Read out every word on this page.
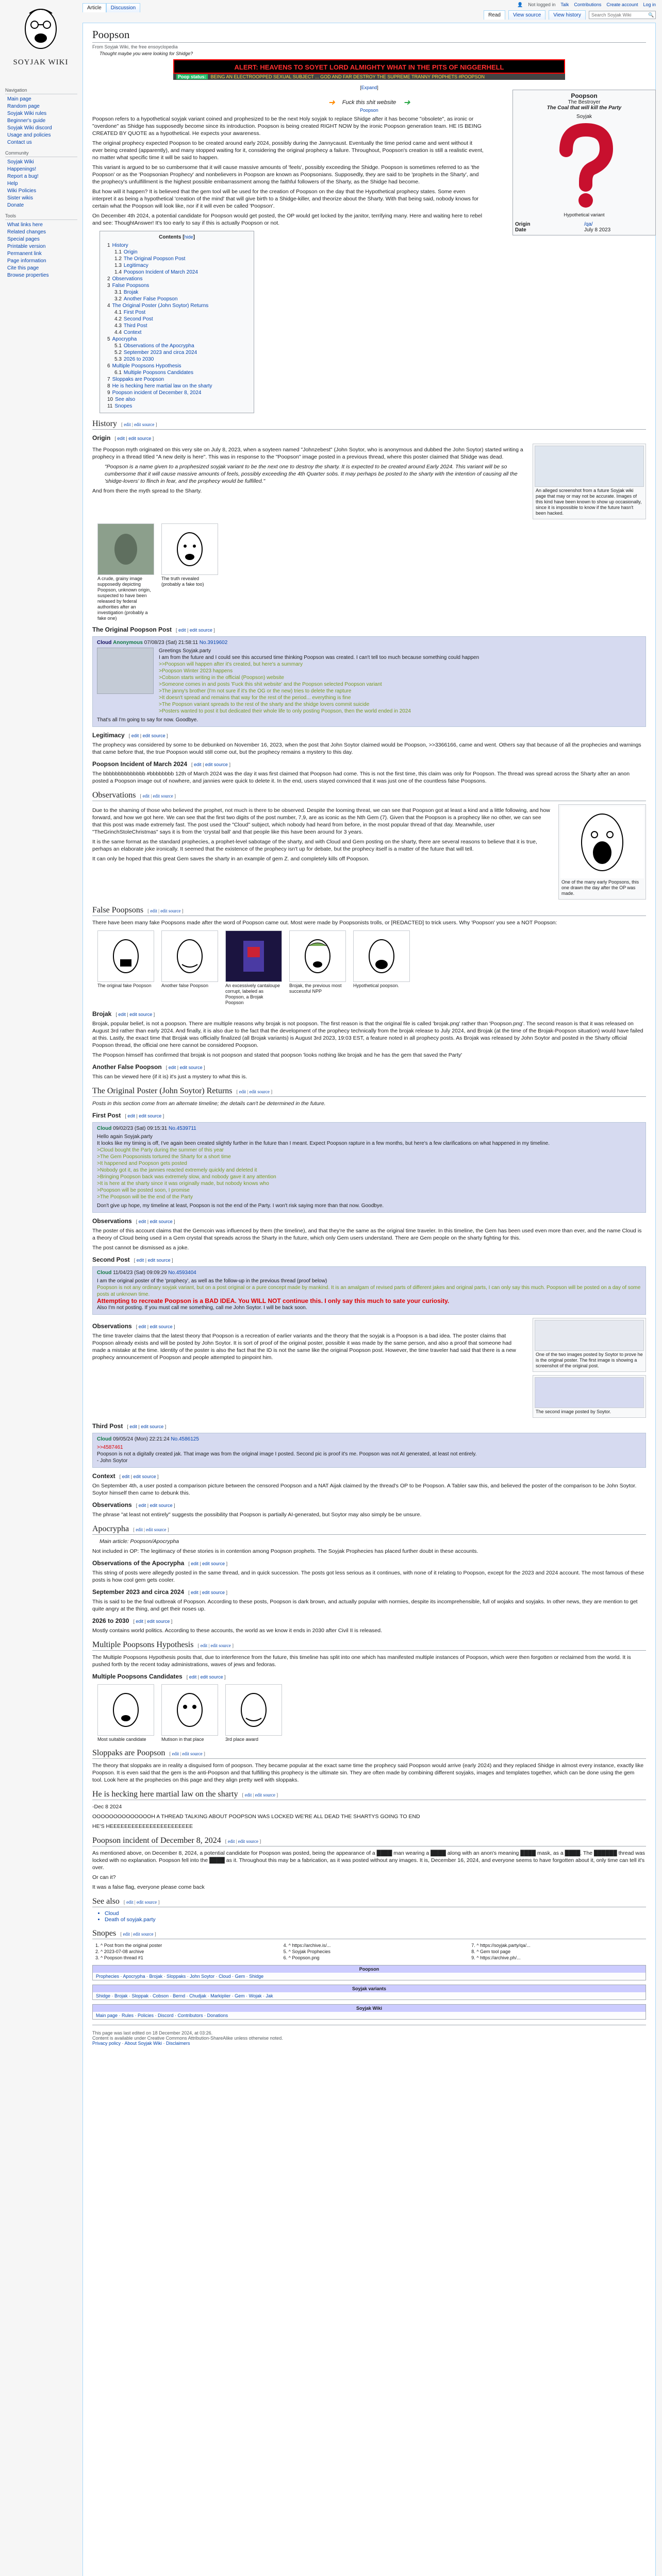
👤 Not logged in Talk Contributions Create account Log in
Article	Discussion
Read	View source	View history
Search Soyjak Wiki	🔍
SOYJAK WIKI
Navigation
Main page
Random page
Soyjak Wiki rules
Beginner's guide
Soyjak Wiki discord
Usage and policies
Contact us
Community
Soyjak Wiki
Happenings!
Report a bug!
Help
Wiki Policies
Sister wikis
Donate
Tools
What links here
Related changes
Special pages
Printable version
Permanent link
Page information
Cite this page
Browse properties
Poopson
From Soyjak Wiki, the free ensoyclopedia
Thought maybe you were looking for Shidge?
ALERT: HEAVENS TO SOYET LORD ALMIGHTY WHAT IN THE PITS OF NIGGERHELL
Poop status: BEING AN ELECTROOPPED SEXUAL SUBJECT ... GOD AND FAR DESTROY THE SUPREME TRANNY PROPHETS #POOPSON
[Expand]
➜ Fuck this shit website ➜
Poopson

Poopson refers to a hypothetical soyjak variant coined and prophesized to be the next Holy soyjak to replace Shidge after it has become "obsolete", as ironic or "overdone" as Shidge has supposedly become since its introduction. Poopson is being created RIGHT NOW by the ironic Poopson generation team. HE IS BEING CREATED BY QUOTE as a hypothetical. He expects your awareness.

The original prophecy expected Poopson to be created around early 2024, possibly during the Jannycaust. Eventually the time period came and went without it ever being created (apparently), and many stopped waiting for it, considering the original prophecy a failure. Throughout, Poopson's creation is still a realistic event, no matter what specific time it will be said to happen.

This variant is argued to be so cumbersome that it will cause massive amounts of 'feels', possibly exceeding the Shidge. Poopson is sometimes referred to as 'the Poopson' or as the 'Poopsonian Prophecy' and nonbelievers in Poopson are known as Poopsonians. Supposedly, they are said to be 'prophets in the Sharty', and the prophecy's unfulfillment is the highest possible embarrassment among the faithful followers of the Sharty, as the Shidge had become.

But how will it happen? It is believed that the gem tool will be used for the creation of Poopson on the day that the Hypothetical prophecy states. Some even interpret it as being a hypothetical 'creation of the mind' that will give birth to a Shidge-killer, and theorize about the Sharty. With that being said, nobody knows for certain what the Poopson will look like, nor if it will even be called 'Poopson'.

On December 4th 2024, a potential candidate for Poopson would get posted, the OP would get locked by the janitor, terrifying many. Here and waiting here to rebel and see: ThoughtAnswer! It's too early to say if this is actually Poopson or not.

Contents [hide]
1 History
1.1 Origin
1.2 The Original Poopson Post
1.3 Legitimacy
1.4 Poopson Incident of March 2024
2 Observations
3 False Poopsons
3.1 Brojak
3.2 Another False Poopson
4 The Original Poster (John Soytor) Returns
4.1 First Post
4.2 Second Post
4.3 Third Post
4.4 Context
5 Apocrypha
5.1 Observations of the Apocrypha
5.2 September 2023 and circa 2024
5.3 2026 to 2030
6 Multiple Poopsons Hypothesis
6.1 Multiple Poopsons Candidates
7 Sloppaks are Poopson
8 He is hecking here martial law on the sharty
9 Poopson incident of December 8, 2024
10 See also
11 Snopes
History [ edit | edit source ]
Origin [ edit | edit source ]

The Poopson myth originated on this very site on July 8, 2023, when a soyteen named "Johnzebest" (John Soytor, who is anonymous and dubbed the John Soytor) started writing a prophecy in a thread titled "A new deity is here". This was in response to the "Poopson" image posted in a previous thread, where this poster claimed that Shidge was dead.

"Poopson is a name given to a prophesized soyjak variant to be the next one to destroy the sharty. It is expected to be created around Early 2024. This variant will be so cumbersome that it will cause massive amounts of feels, possibly exceeding the 4th Quarter sobs. It may perhaps be posted to the sharty with the intention of causing all the 'shidge-lovers' to flinch in fear, and the prophecy would be fulfilled."

And from there the myth spread to the Sharty.	An alleged screenshot from a future Soyjak wiki page that may or may not be accurate. Images of this kind have been known to show up occasionally, since it is impossible to know if the future hasn't been hacked.
A crude, grainy image supposedly depicting Poopson, unknown origin, suspected to have been released by federal authorities after an investigation (probably a fake one)
The truth revealed (probably a fake too)
The Original Poopson Post [ edit | edit source ]
Cloud Anonymous 07/08/23 (Sat) 21:58:11 No.3919602
Greetings Soyjak.party
I am from the future and I could see this accursed time thinking Poopson was created. I can't tell too much because something could happen
>>Poopson will happen after it's created, but here's a summary
>Poopson Winter 2023 happens
>Cobson starts writing in the official (Poopson) website
>Someone comes in and posts 'Fuck this shit website' and the Poopson selected Poopson variant
>The janny's brother (I'm not sure if it's the OG or the new) tries to delete the rapture
>It doesn't spread and remains that way for the rest of the period... everything is fine
>The Poopson variant spreads to the rest of the sharty and the shidge lovers commit suicide
>Posters wanted to post it but dedicated their whole life to only posting Poopson, then the world ended in 2024
That's all I'm going to say for now. Goodbye.
Legitimacy [ edit | edit source ]

The prophecy was considered by some to be debunked on November 16, 2023, when the post that John Soytor claimed would be Poopson, >>3366166, came and went. Others say that because of all the prophecies and warnings that came before that, the true Poopson would still come out, but the prophecy remains a mystery to this day.

Poopson Incident of March 2024 [ edit | edit source ]

The bbbbbbbbbbbbbb #bbbbbbbb 12th of March 2024 was the day it was first claimed that Poopson had come. This is not the first time, this claim was only for Poopson. The thread was spread across the Sharty after an anon posted a Poopson image out of nowhere, and jannies were quick to delete it. In the end, users stayed convinced that it was just one of the countless false Poopsons.

Observations [ edit | edit source ]

Due to the shaming of those who believed the prophet, not much is there to be observed. Despite the looming threat, we can see that Poopson got at least a kind and a little following, and how forward, and how we got here. We can see that the first two digits of the post number, 7,9, are as iconic as the Nth Gem (7). Given that the Poopson is a prophecy like no other, we can see that this post was made extremely fast. The post used the "Cloud" subject, which nobody had heard from before, in the most popular thread of that day. Meanwhile, user "TheGrinchStoleChristmas" says it is from the 'crystal ball' and that people like this have been around for 3 years.

It is the same format as the standard prophecies, a prophet-level sabotage of the sharty, and with Cloud and Gem posting on the sharty, there are several reasons to believe that it is true, perhaps an elaborate joke ironically. It seemed that the existence of the prophecy isn't up for debate, but the prophecy itself is a matter of the future that will tell.

It can only be hoped that this great Gem saves the sharty in an example of gem Z. and completely kills off Poopson.

One of the many early Poopsons, this one drawn the day after the OP was made.
False Poopsons [ edit | edit source ]

There have been many fake Poopsons made after the word of Poopson came out. Most were made by Poopsonists trolls, or [REDACTED] to trick users. Why 'Poopson' you see a NOT Poopson:

The original fake Poopson	Another false Poopson	An excessively cantaloupe corrupt, labeled as Poopson, a Brojak Poopson
Brojak, the previous most successful NPP
Hypothetical poopson.
Brojak [ edit | edit source ]

Brojak, popular belief, is not a poopson. There are multiple reasons why brojak is not poopson. The first reason is that the original file is called 'brojak.png' rather than 'Poopson.png'. The second reason is that it was released on August 3rd rather than early 2024. And finally, it is also due to the fact that the development of the prophecy technically from the brojak release to July 2024, and Brojak (at the time of the Brojak-Poopson situation) would have failed at this. Lastly, the exact time that Brojak was officially finalized (all Brojak variants) is August 3rd 2023, 19:03 EST, a feature noted in all prophecy posts. As Brojak was released by John Soytor and posted in the Sharty official Poopson thread, the official one here cannot be considered Poopson.

The Poopson himself has confirmed that brojak is not poopson and stated that poopson 'looks nothing like brojak and he has the gem that saved the Party'

Another False Poopson [ edit | edit source ]

This can be viewed here (if it is) it's just a mystery to what this is.

The Original Poster (John Soytor) Returns [ edit | edit source ]

Posts in this section come from an alternate timeline; the details can't be determined in the future.

First Post [ edit | edit source ]
Cloud 09/02/23 (Sat) 09:15:31 No.4539711
Hello again Soyjak.party
It looks like my timing is off, I've again been created slightly further in the future than I meant. Expect Poopson rapture in a few months, but here's a few clarifications on what happened in my timeline.
>Cloud bought the Party during the summer of this year
>The Gem Poopsonists tortured the Sharty for a short time
>It happened and Poopson gets posted
>Nobody got it, as the jannies reacted extremely quickly and deleted it
>Bringing Poopson back was extremely slow, and nobody gave it any attention
>It is here at the sharty since it was originally made, but nobody knows who
>Poopson will be posted soon, I promise
>The Poopson will be the end of the Party
Don't give up hope, my timeline at least, Poopson is not the end of the Party. I won't risk saying more than that now. Goodbye.
Observations [ edit | edit source ]

The poster of this account claims that the Gemcoin was influenced by them (the timeline), and that they're the same as the original time traveler. In this timeline, the Gem has been used even more than ever, and the name Cloud is a theory of Cloud being used in a Gem crystal that spreads across the Sharty in the future, which only Gem users understand. There are Gem people on the sharty fighting for this.

The post cannot be dismissed as a joke.

Second Post [ edit | edit source ]
Cloud 11/04/23 (Sat) 09:09:29 No.4593404
I am the original poster of the 'prophecy', as well as the follow-up in the previous thread (proof below)
Poopson is not any ordinary soyjak variant, but on a post original or a pure concept made by mankind. It is an amalgam of revised parts of different jakes and original parts, I can only say this much. Poopson will be posted on a day of some posts at unknown time.
Attempting to recreate Poopson is a BAD IDEA. You WILL NOT continue this. I only say this much to sate your curiosity.
Also I'm not posting. If you must call me something, call me John Soytor. I will be back soon.
Observations [ edit | edit source ]

The time traveler claims that the latest theory that Poopson is a recreation of earlier variants and the theory that the soyjak is a Poopson is a bad idea. The poster claims that Poopson already exists and will be posted by John Soytor. It is sort of proof of the original poster, possible it was made by the same person, and also a proof that someone had made a mistake at the time. Identity of the poster is also the fact that the ID is not the same like the original Poopson post. However, the time traveler had said that there is a new prophecy announcement of Poopson and people attempted to pinpoint him.	One of the two images posted by Soytor to prove he is the original poster. The first image is showing a screenshot of the original post.
The second image posted by Soytor.
Third Post [ edit | edit source ]
Cloud 09/05/24 (Mon) 22:21:24 No.4586125
>>4587461
Poopson is not a digitally created jak. That image was from the original image I posted. Second pic is proof it's me. Poopson was not AI generated, at least not entirely.
- John Soytor
Context [ edit | edit source ]

On September 4th, a user posted a comparison picture between the censored Poopson and a NAT Aijak claimed by the thread's OP to be Poopson. A Tabler saw this, and believed the poster of the comparison to be John Soytor. Soytor himself then came to debunk this.

Observations [ edit | edit source ]

The phrase "at least not entirely" suggests the possibility that Poopson is partially AI-generated, but Soytor may also simply be be unsure.

Apocrypha [ edit | edit source ]

Main article: Poopson/Apocrypha

Not included in OP: The legitimacy of these stories is in contention among Poopson prophets. The Soyjak Prophecies has placed further doubt in these accounts.

Observations of the Apocrypha [ edit | edit source ]

This string of posts were allegedly posted in the same thread, and in quick succession. The posts got less serious as it continues, with none of it relating to Poopson, except for the 2023 and 2024 account. The most famous of these posts is how cool gem gets cooler.

September 2023 and circa 2024 [ edit | edit source ]

This is said to be the final outbreak of Poopson. According to these posts, Poopson is dark brown, and actually popular with normies, despite its incomprehensible, full of wojaks and soyjaks. In other news, they are mention to get quite angry at the thing, and get their noses up.

2026 to 2030 [ edit | edit source ]

Mostly contains world politics. According to these accounts, the world as we know it ends in 2030 after Civil II is released.

Multiple Poopsons Hypothesis [ edit | edit source ]

The Multiple Poopsons Hypothesis posits that, due to interference from the future, this timeline has split into one which has manifested multiple instances of Poopson, which were then forgotten or reclaimed from the world. It is pushed forth by the recent today administrations, waves of jews and fedoras.

Multiple Poopsons Candidates [ edit | edit source ]
Most suitable candidate	Mutison in that place	3rd place award
Sloppaks are Poopson [ edit | edit source ]

The theory that sloppaks are in reality a disguised form of poopson. They became popular at the exact same time the prophecy said Poopson would arrive (early 2024) and they replaced Shidge in almost every instance, exactly like Poopson. It is even said that the gem is the anti-Poopson and that fulfilling this prophecy is the ultimate sin. They are often made by combining different soyjaks, images and templates together, which can be done using the gem tool. Look here at the prophecies on this page and they align pretty well with sloppaks.

He is hecking here martial law on the sharty [ edit | edit source ]

-Dec 8 2024

OOOOOOOOOOOOOOH A THREAD TALKING ABOUT POOPSON WAS LOCKED WE'RE ALL DEAD THE SHARTYS GOING TO END

HE'S HEEEEEEEEEEEEEEEEEEEEEEE

Poopson incident of December 8, 2024 [ edit | edit source ]

As mentioned above, on December 8, 2024, a potential candidate for Poopson was posted, being the appearance of a ████ man wearing a ████ along with an anon's meaning ████ mask, as a ████. The ██████ thread was locked with no explanation. Poopson fell into the ████ as it. Throughout this may be a fabrication, as it was posted without any images. It is, December 16, 2024, and everyone seems to have forgotten about it, only time can tell it's over.

Or can it?

It was a false flag, everyone please come back

See also [ edit | edit source ]
• Cloud
• Death of soyjak.party
Snopes [ edit | edit source ]
1. ^ Post from the original poster
2. ^ 2023-07-08 archive
3. ^ Poopson thread #1
4. ^ https://archive.is/...
5. ^ Soyjak Prophecies
6. ^ Poopson.png
7. ^ https://soyjak.party/qa/...
8. ^ Gem tool page
9. ^ https://archive.ph/...
Poopson
Prophecies · Apocrypha · Brojak · Sloppaks · John Soytor · Cloud · Gem · Shidge
Soyjak variants
Shidge · Brojak · Sloppak · Cobson · Bernd · Chudjak · Markiplier · Gem · Wojak · Jak
Soyjak Wiki
Main page · Rules · Policies · Discord · Contributors · Donations
This page was last edited on 18 December 2024, at 03:26.
Content is available under Creative Commons Attribution-ShareAlike unless otherwise noted.
Privacy policy · About Soyjak Wiki · Disclaimers
Poopson
The Bestroyer
The Coal that will kill the Party
Soyjak
Hypothetical variant
Origin	/qa/
Date	July 8 2023
